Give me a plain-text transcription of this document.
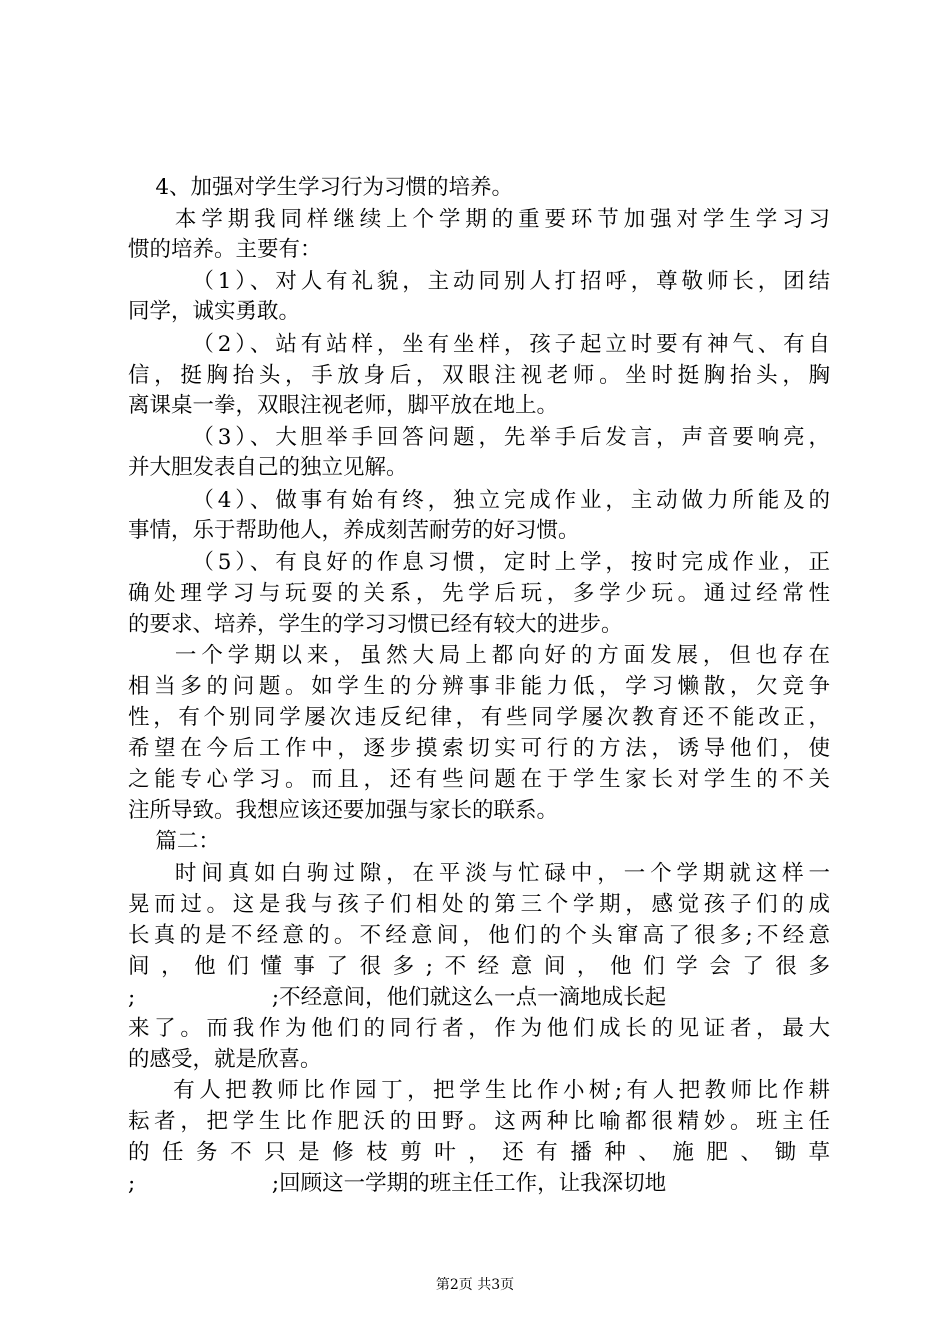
4、加强对学生学习行为习惯的培养。
本学期我同样继续上个学期的重要环节加强对学生学习习
惯的培养。主要有：
（1）、对人有礼貌，主动同别人打招呼，尊敬师长，团结
同学，诚实勇敢。
（2）、站有站样，坐有坐样，孩子起立时要有神气、有自
信，挺胸抬头，手放身后，双眼注视老师。坐时挺胸抬头，胸
离课桌一拳，双眼注视老师，脚平放在地上。
（3）、大胆举手回答问题，先举手后发言，声音要响亮，
并大胆发表自己的独立见解。
（4）、做事有始有终，独立完成作业，主动做力所能及的
事情，乐于帮助他人，养成刻苦耐劳的好习惯。
（5）、有良好的作息习惯，定时上学，按时完成作业，正
确处理学习与玩耍的关系，先学后玩，多学少玩。通过经常性
的要求、培养，学生的学习习惯已经有较大的进步。
一个学期以来，虽然大局上都向好的方面发展，但也存在
相当多的问题。如学生的分辨事非能力低，学习懒散，欠竞争
性，有个别同学屡次违反纪律，有些同学屡次教育还不能改正，
希望在今后工作中，逐步摸索切实可行的方法，诱导他们，使
之能专心学习。而且，还有些问题在于学生家长对学生的不关
注所导致。我想应该还要加强与家长的联系。
篇二：
时间真如白驹过隙，在平淡与忙碌中，一个学期就这样一
晃而过。这是我与孩子们相处的第三个学期，感觉孩子们的成
长真的是不经意的。不经意间，他们的个头窜高了很多;不经意
间，他们懂事了很多;不经意间，他们学会了很多
;                    ;不经意间，他们就这么一点一滴地成长起
来了。而我作为他们的同行者，作为他们成长的见证者，最大
的感受，就是欣喜。
有人把教师比作园丁，把学生比作小树;有人把教师比作耕
耘者，把学生比作肥沃的田野。这两种比喻都很精妙。班主任
的任务不只是修枝剪叶，还有播种、施肥、锄草
;                    ;回顾这一学期的班主任工作，让我深切地
第2页 共3页
